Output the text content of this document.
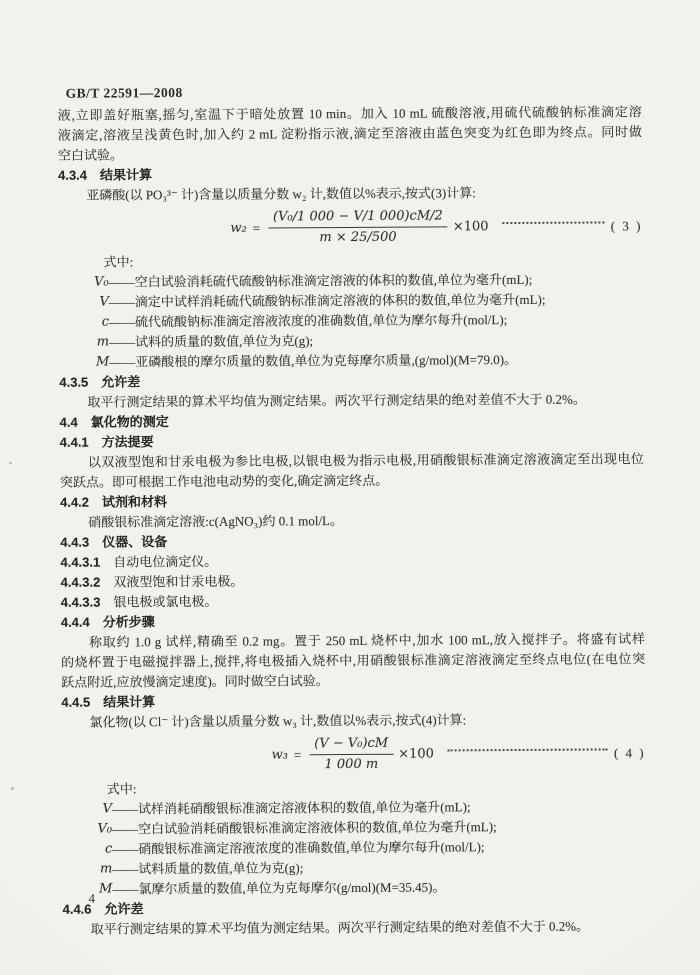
GB/T 22591—2008
液,立即盖好瓶塞,摇匀,室温下于暗处放置 10 min。加入 10 mL 硫酸溶液,用硫代硫酸钠标准滴定溶
液滴定,溶液呈浅黄色时,加入约 2 mL 淀粉指示液,滴定至溶液由蓝色突变为红色即为终点。同时做
空白试验。
4.3.4 结果计算
亚磷酸(以 PO₃³⁻ 计)含量以质量分数 w₂ 计,数值以%表示,按式(3)计算:
$w_2 = \frac{\text{(V₀/1 000 − V/1 000)cM/2}}{m \times 25/500} \times 100$	( 3 )
式中:
V₀ ——空白试验消耗硫代硫酸钠标准滴定溶液的体积的数值,单位为毫升(mL);
V ——滴定中试样消耗硫代硫酸钠标准滴定溶液的体积的数值,单位为毫升(mL);
c ——硫代硫酸钠标准滴定溶液浓度的准确数值,单位为摩尔每升(mol/L);
m ——试料的质量的数值,单位为克(g);
M ——亚磷酸根的摩尔质量的数值,单位为克每摩尔质量,(g/mol)(M=79.0)。
4.3.5 允许差
取平行测定结果的算术平均值为测定结果。两次平行测定结果的绝对差值不大于 0.2%。
4.4 氯化物的测定
4.4.1 方法提要
以双液型饱和甘汞电极为参比电极,以银电极为指示电极,用硝酸银标准滴定溶液滴定至出现电位
突跃点。即可根据工作电池电动势的变化,确定滴定终点。
4.4.2 试剂和材料
硝酸银标准滴定溶液:c(AgNO₃)约 0.1 mol/L。
4.4.3 仪器、设备
4.4.3.1 自动电位滴定仪。
4.4.3.2 双液型饱和甘汞电极。
4.4.3.3 银电极或氯电极。
4.4.4 分析步骤
称取约 1.0 g 试样,精确至 0.2 mg。置于 250 mL 烧杯中,加水 100 mL,放入搅拌子。将盛有试样
的烧杯置于电磁搅拌器上,搅拌,将电极插入烧杯中,用硝酸银标准滴定溶液滴定至终点电位(在电位突
跃点附近,应放慢滴定速度)。同时做空白试验。
4.4.5 结果计算
氯化物(以 Cl⁻ 计)含量以质量分数 w₃ 计,数值以%表示,按式(4)计算:
$w_3 = \frac{\text{(V − V₀)cM}}{1 000 m} \times 100$	( 4 )
式中:
V ——试样消耗硝酸银标准滴定溶液体积的数值,单位为毫升(mL);
V₀ ——空白试验消耗硝酸银标准滴定溶液体积的数值,单位为毫升(mL);
c ——硝酸银标准滴定溶液浓度的准确数值,单位为摩尔每升(mol/L);
m ——试料质量的数值,单位为克(g);
M ——氯摩尔质量的数值,单位为克每摩尔(g/mol)(M=35.45)。
4.4.6 允许差
取平行测定结果的算术平均值为测定结果。两次平行测定结果的绝对差值不大于 0.2%。
4
